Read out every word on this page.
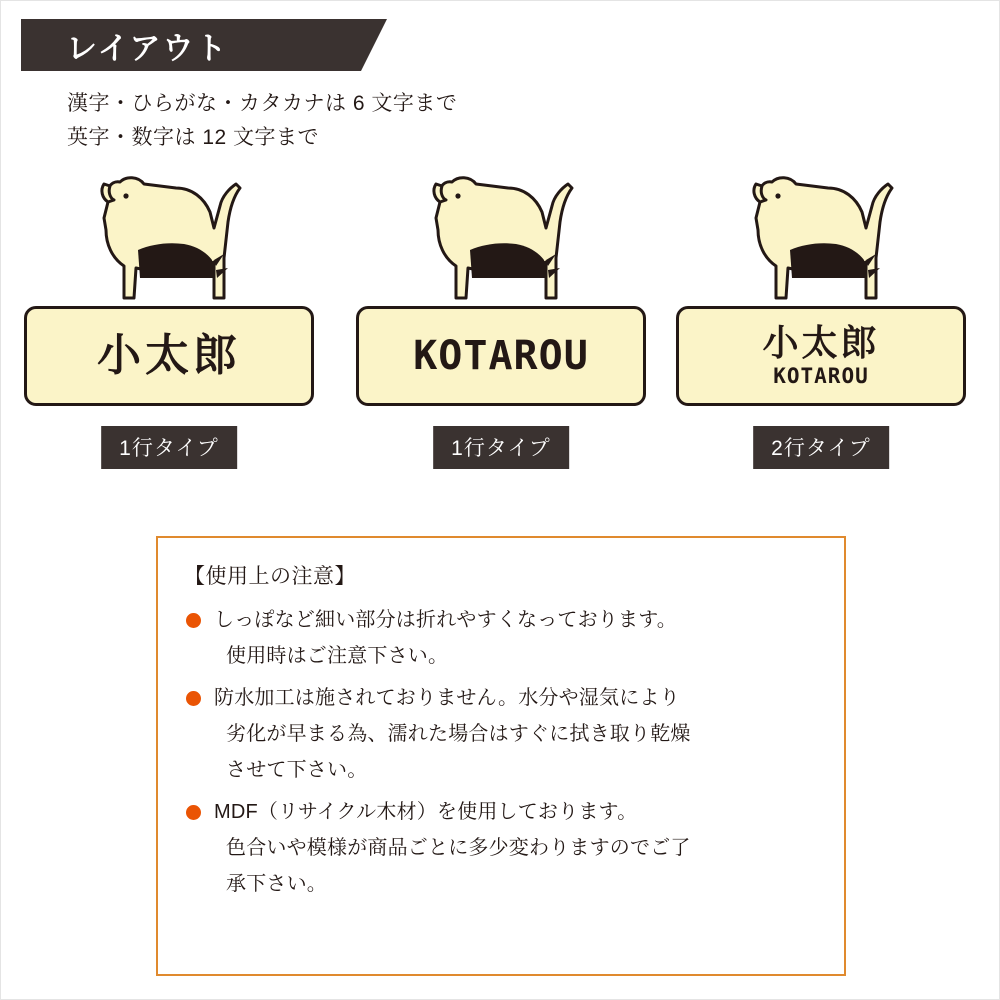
レイアウト
漢字・ひらがな・カタカナは 6 文字まで
英字・数字は 12 文字まで
小太郎
1行タイプ
KOTAROU
1行タイプ
小太郎
KOTAROU
2行タイプ
【使用上の注意】
しっぽなど細い部分は折れやすくなっております。
使用時はご注意下さい。
防水加工は施されておりません。水分や湿気により
劣化が早まる為、濡れた場合はすぐに拭き取り乾燥
させて下さい。
MDF（リサイクル木材）を使用しております。
色合いや模様が商品ごとに多少変わりますのでご了
承下さい。
